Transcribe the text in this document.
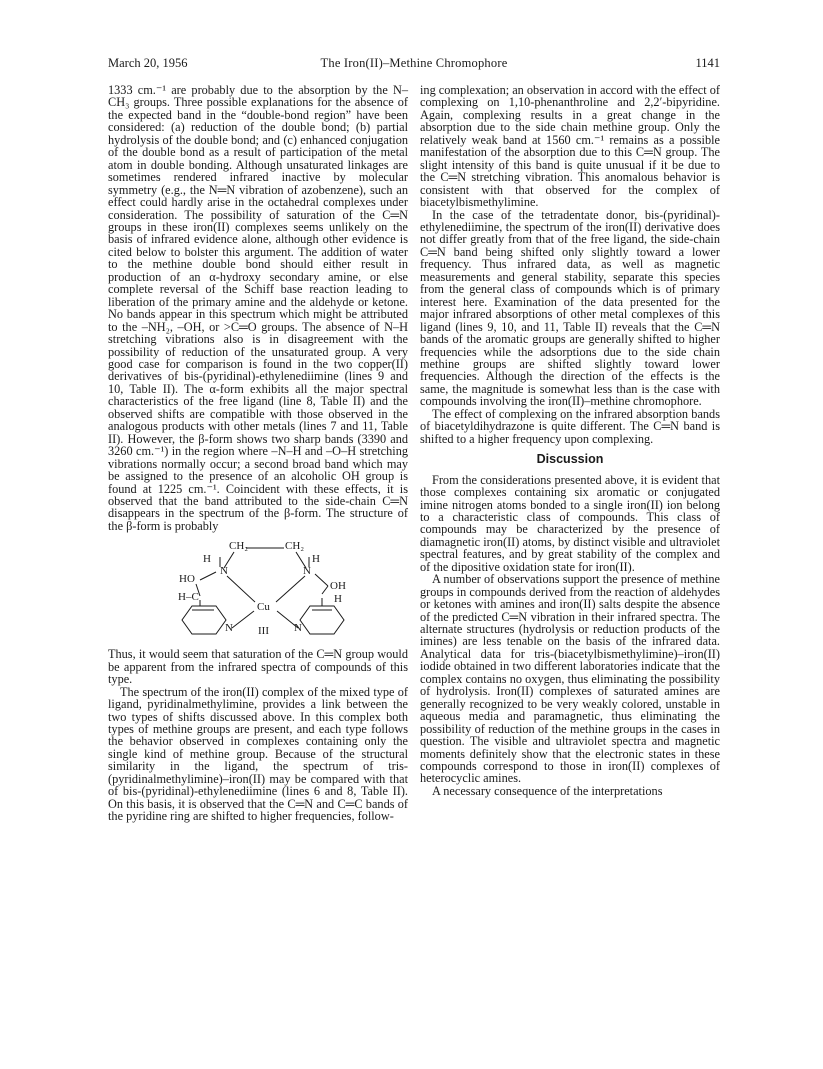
March 20, 1956	The Iron(II)–Methine Chromophore	1141

1333 cm.⁻¹ are probably due to the absorption by the N–CH₃ groups. Three possible explanations for the absence of the expected band in the “double-bond region” have been considered: (a) reduction of the double bond; (b) partial hydrolysis of the double bond; and (c) enhanced conjugation of the double bond as a result of participation of the metal atom in double bonding. Although unsaturated linkages are sometimes rendered infrared inactive by molecular symmetry (e.g., the N═N vibration of azobenzene), such an effect could hardly arise in the octahedral complexes under consideration. The possibility of saturation of the C═N groups in these iron(II) complexes seems unlikely on the basis of infrared evidence alone, although other evidence is cited below to bolster this argument. The addition of water to the methine double bond should either result in production of an α-hydroxy secondary amine, or else complete reversal of the Schiff base reaction leading to liberation of the primary amine and the aldehyde or ketone. No bands appear in this spectrum which might be attributed to the –NH₂, –OH, or >C═O groups. The absence of N–H stretching vibrations also is in disagreement with the possibility of reduction of the unsaturated group. A very good case for comparison is found in the two copper(II) derivatives of bis-(pyridinal)-ethylenediimine (lines 9 and 10, Table II). The α-form exhibits all the major spectral characteristics of the free ligand (line 8, Table II) and the observed shifts are compatible with those observed in the analogous products with other metals (lines 7 and 11, Table II). However, the β-form shows two sharp bands (3390 and 3260 cm.⁻¹) in the region where –N–H and –O–H stretching vibrations normally occur; a second broad band which may be assigned to the presence of an alcoholic OH group is found at 1225 cm.⁻¹. Coincident with these effects, it is observed that the band attributed to the side-chain C═N disappears in the spectrum of the β-form. The structure of the β-form is probably

CH₂	CH₂
H	H
N	N
HO
OH
H–C
Cu
H
N	N
III

Thus, it would seem that saturation of the C═N group would be apparent from the infrared spectra of compounds of this type.

The spectrum of the iron(II) complex of the mixed type of ligand, pyridinalmethylimine, provides a link between the two types of shifts discussed above. In this complex both types of methine groups are present, and each type follows the behavior observed in complexes containing only the single kind of methine group. Because of the structural similarity in the ligand, the spectrum of tris-(pyridinalmethylimine)–iron(II) may be compared with that of bis-(pyridinal)-ethylenediimine (lines 6 and 8, Table II). On this basis, it is observed that the C═N and C═C bands of the pyridine ring are shifted to higher frequencies, follow-

ing complexation; an observation in accord with the effect of complexing on 1,10-phenanthroline and 2,2′-bipyridine. Again, complexing results in a great change in the absorption due to the side chain methine group. Only the relatively weak band at 1560 cm.⁻¹ remains as a possible manifestation of the absorption due to this C═N group. The slight intensity of this band is quite unusual if it be due to the C═N stretching vibration. This anomalous behavior is consistent with that observed for the complex of biacetylbismethylimine.

In the case of the tetradentate donor, bis-(pyridinal)-ethylenediimine, the spectrum of the iron(II) derivative does not differ greatly from that of the free ligand, the side-chain C═N band being shifted only slightly toward a lower frequency. Thus infrared data, as well as magnetic measurements and general stability, separate this species from the general class of compounds which is of primary interest here. Examination of the data presented for the major infrared absorptions of other metal complexes of this ligand (lines 9, 10, and 11, Table II) reveals that the C═N bands of the aromatic groups are generally shifted to higher frequencies while the adsorptions due to the side chain methine groups are shifted slightly toward lower frequencies. Although the direction of the effects is the same, the magnitude is somewhat less than is the case with compounds involving the iron(II)–methine chromophore.

The effect of complexing on the infrared absorption bands of biacetyldihydrazone is quite different. The C═N band is shifted to a higher frequency upon complexing.

Discussion

From the considerations presented above, it is evident that those complexes containing six aromatic or conjugated imine nitrogen atoms bonded to a single iron(II) ion belong to a characteristic class of compounds. This class of compounds may be characterized by the presence of diamagnetic iron(II) atoms, by distinct visible and ultraviolet spectral features, and by great stability of the complex and of the dipositive oxidation state for iron(II).

A number of observations support the presence of methine groups in compounds derived from the reaction of aldehydes or ketones with amines and iron(II) salts despite the absence of the predicted C═N vibration in their infrared spectra. The alternate structures (hydrolysis or reduction products of the imines) are less tenable on the basis of the infrared data. Analytical data for tris-(biacetylbismethylimine)–iron(II) iodide obtained in two different laboratories indicate that the complex contains no oxygen, thus eliminating the possibility of hydrolysis. Iron(II) complexes of saturated amines are generally recognized to be very weakly colored, unstable in aqueous media and paramagnetic, thus eliminating the possibility of reduction of the methine groups in the cases in question. The visible and ultraviolet spectra and magnetic moments definitely show that the electronic states in these compounds correspond to those in iron(II) complexes of heterocyclic amines.

A necessary consequence of the interpretations
